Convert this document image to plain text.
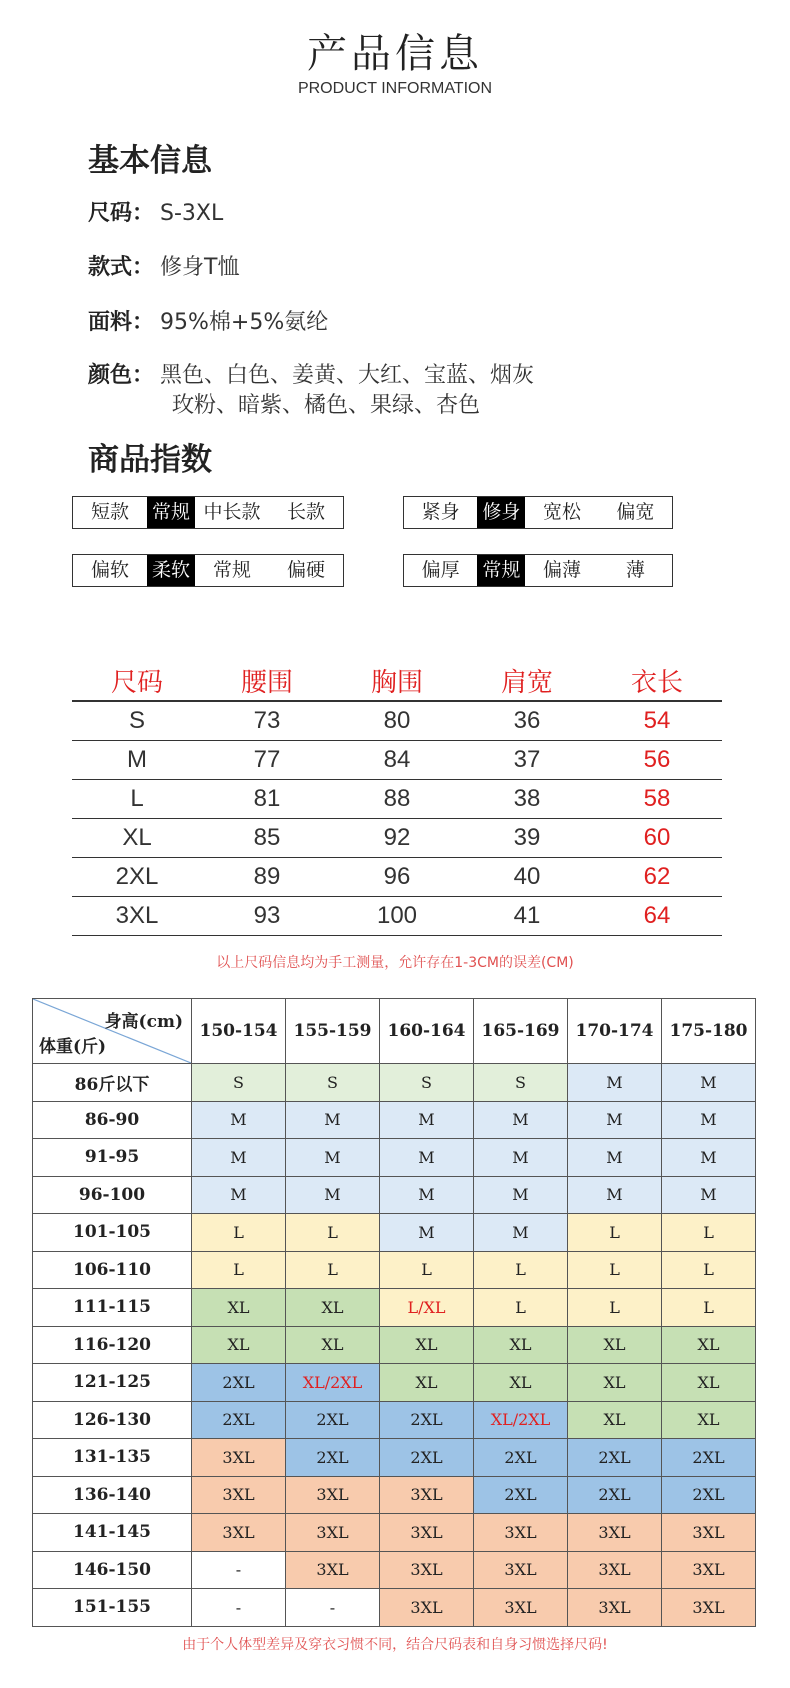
产品信息
PRODUCT INFORMATION
基本信息
尺码： S-3XL
款式： 修身T恤
面料： 95%棉+5%氨纶
颜色： 黑色、白色、姜黄、大红、宝蓝、烟灰
玫粉、暗紫、橘色、果绿、杏色
商品指数
短款	常规 中长款	长款	紧身	修身	宽松	偏宽
偏软	柔软	常规	偏硬	偏厚	常规	偏薄	薄
尺码	腰围	胸围	肩宽	衣长
S	73	80	36	54
M	77	84	37	56
L	81	88	38	58
XL	85	92	39	60
2XL	89	96	40	62
3XL	93	100	41	64
以上尺码信息均为手工测量，允许存在1-3CM的误差(CM)
身高(cm)
体重(斤)	150-154	155-159	160-164	165-169	170-174	175-180
86斤以下	S	S	S	S	M	M
86-90	M	M	M	M	M	M
91-95	M	M	M	M	M	M
96-100	M	M	M	M	M	M
101-105	L	L	M	M	L	L
106-110	L	L	L	L	L	L
111-115	XL	XL	L/XL	L	L	L
116-120	XL	XL	XL	XL	XL	XL
121-125	2XL	XL/2XL	XL	XL	XL	XL
126-130	2XL	2XL	2XL	XL/2XL	XL	XL
131-135	3XL	2XL	2XL	2XL	2XL	2XL
136-140	3XL	3XL	3XL	2XL	2XL	2XL
141-145	3XL	3XL	3XL	3XL	3XL	3XL
146-150	-	3XL	3XL	3XL	3XL	3XL
151-155	-	-	3XL	3XL	3XL	3XL
由于个人体型差异及穿衣习惯不同，结合尺码表和自身习惯选择尺码!
